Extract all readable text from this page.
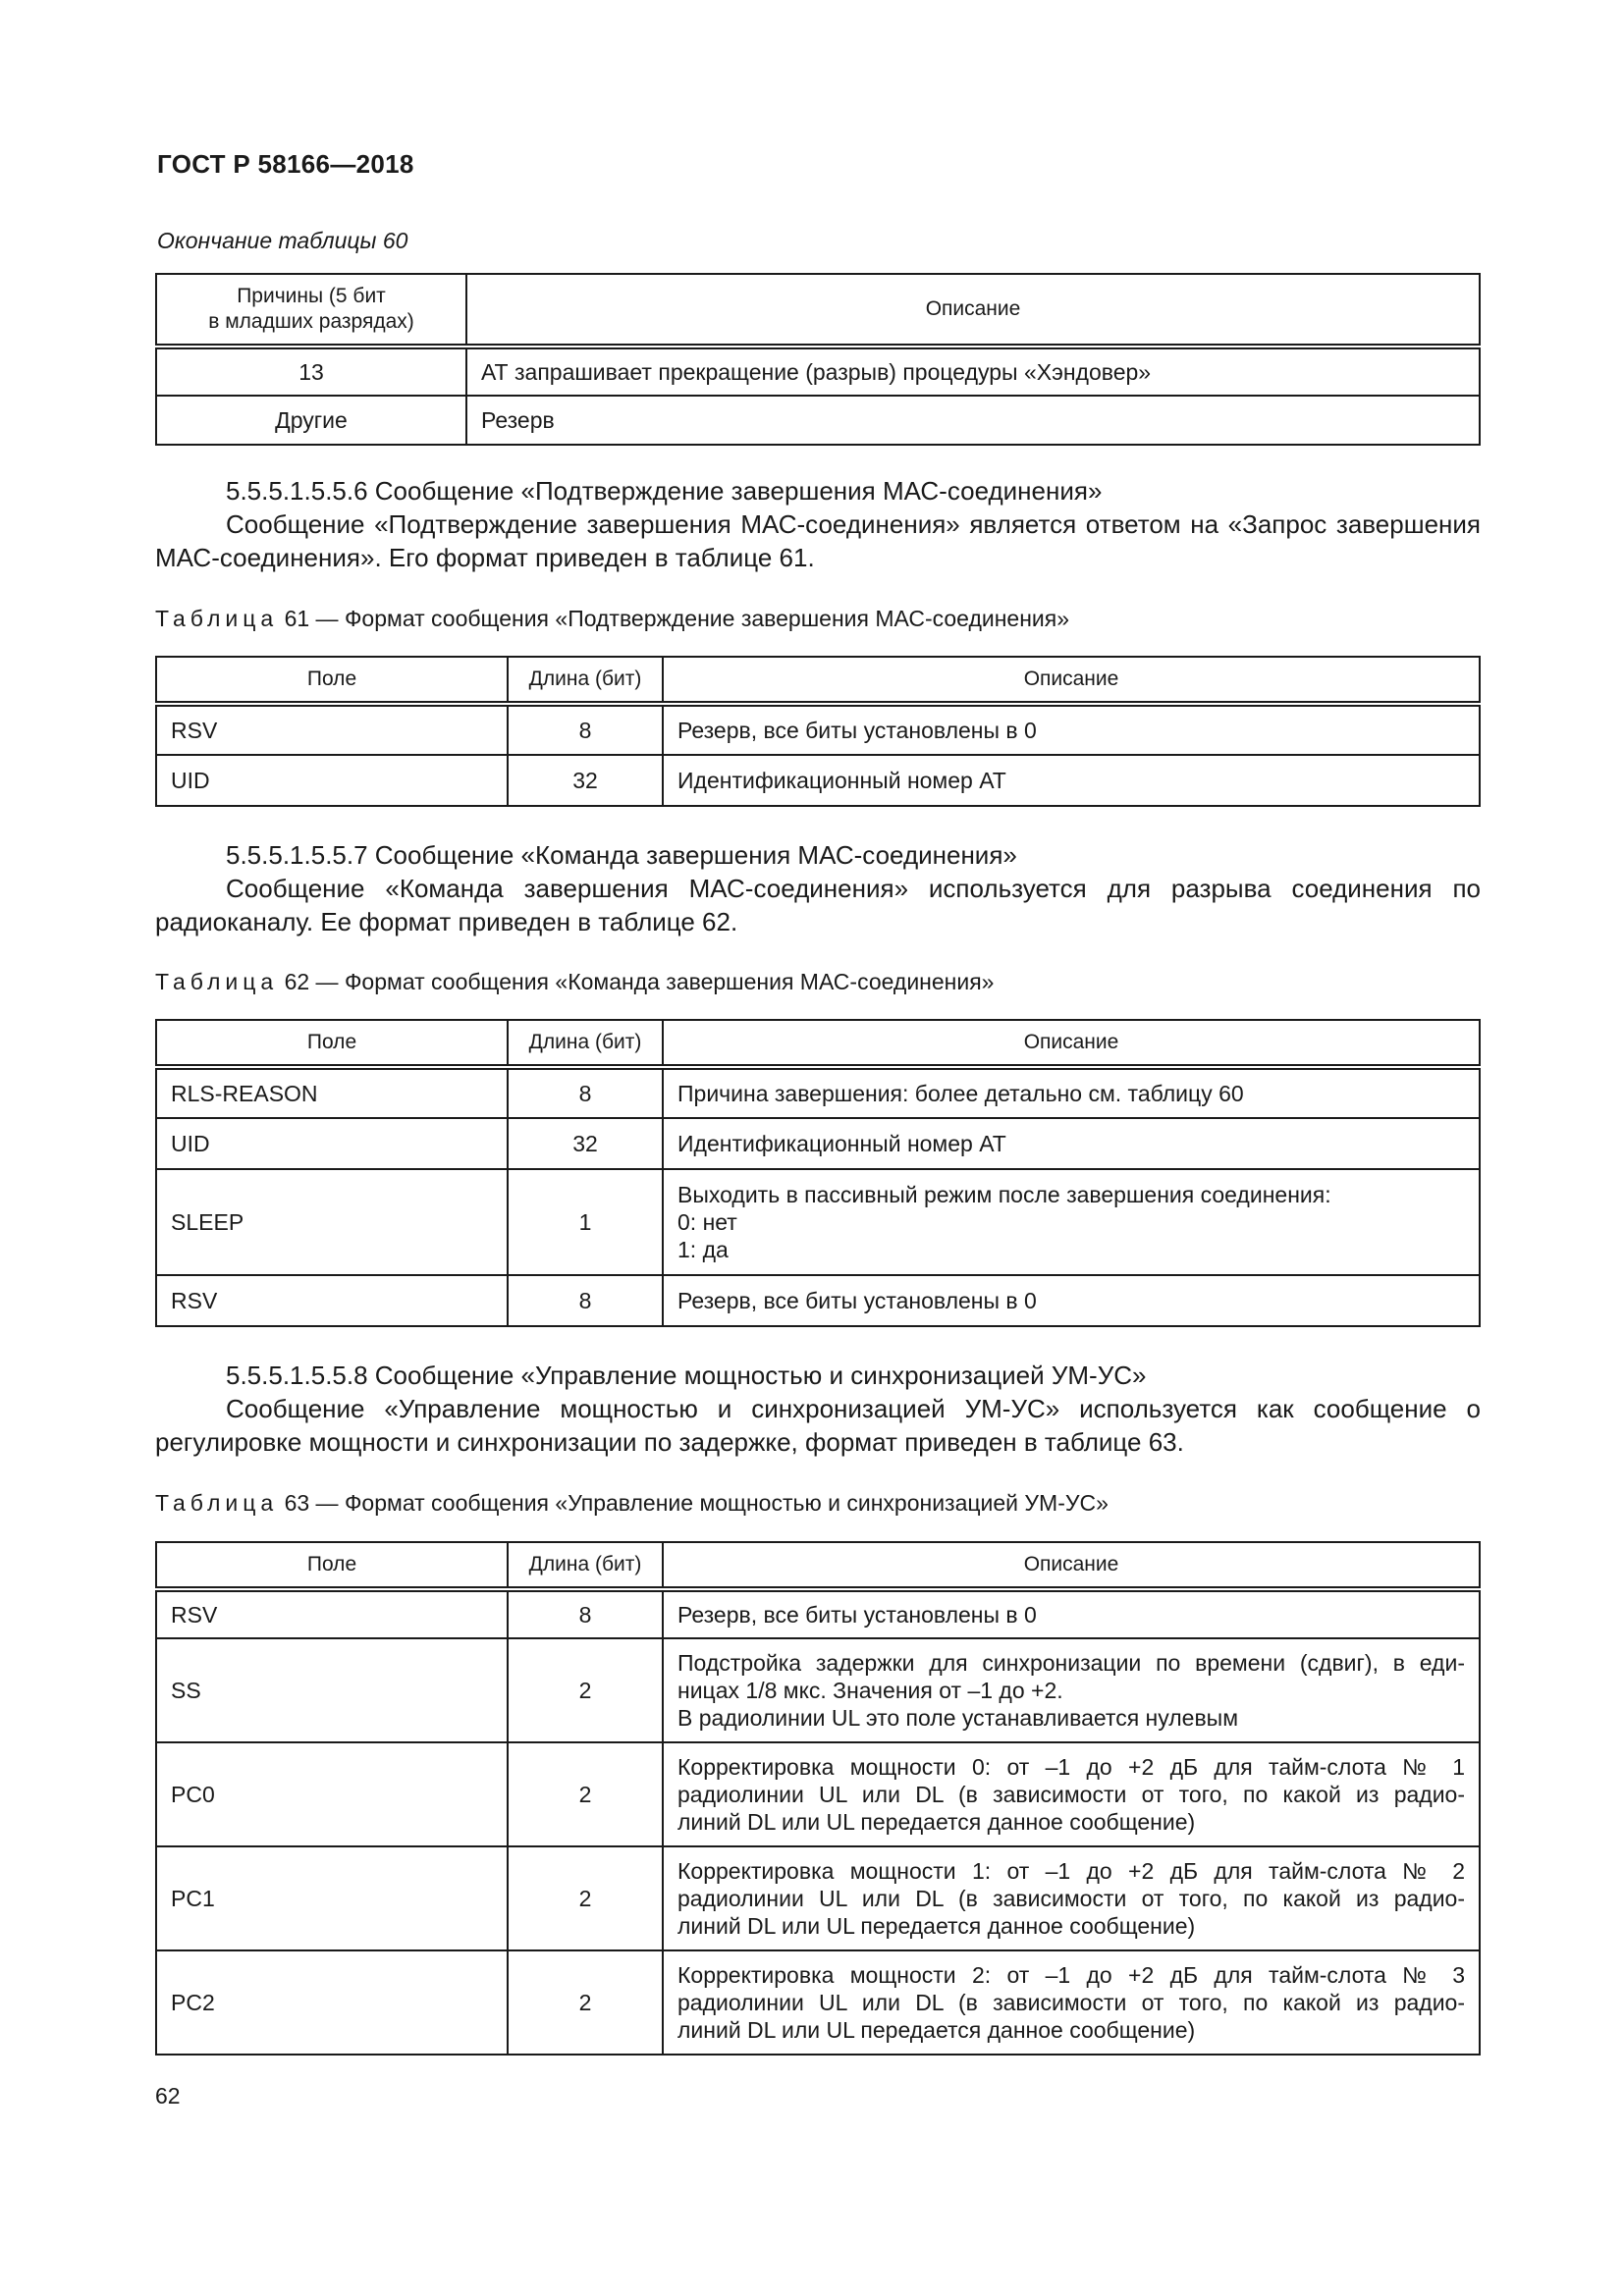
ГОСТ Р 58166—2018
Окончание таблицы 60
Причины (5 бит
в младших разрядах)	Описание
13	АТ запрашивает прекращение (разрыв) процедуры «Хэндовер»
Другие	Резерв

5.5.5.1.5.5.6 Сообщение «Подтверждение завершения МАС-соединения»

Сообщение «Подтверждение завершения МАС-соединения» является ответом на «Запрос завершения МАС-соединения». Его формат приведен в таблице 61.

Таблица 61 — Формат сообщения «Подтверждение завершения МАС-соединения»
Поле	Длина (бит)	Описание
RSV	8	Резерв, все биты установлены в 0
UID	32	Идентификационный номер АТ

5.5.5.1.5.5.7 Сообщение «Команда завершения МАС-соединения»

Сообщение «Команда завершения МАС-соединения» используется для разрыва соединения по радиоканалу. Ее формат приведен в таблице 62.

Таблица 62 — Формат сообщения «Команда завершения МАС-соединения»
Поле	Длина (бит)	Описание
RLS-REASON	8	Причина завершения: более детально см. таблицу 60
UID	32	Идентификационный номер АТ
SLEEP	1	Выходить в пассивный режим после завершения соединения:
0: нет
1: да

RSV	8	Резерв, все биты установлены в 0

5.5.5.1.5.5.8 Сообщение «Управление мощностью и синхронизацией УМ-УС»

Сообщение «Управление мощностью и синхронизацией УМ-УС» используется как сообщение о регулировке мощности и синхронизации по задержке, формат приведен в таблице 63.

Таблица 63 — Формат сообщения «Управление мощностью и синхронизацией УМ-УС»
Поле	Длина (бит)	Описание
RSV	8	Резерв, все биты установлены в 0
SS	2	Подстройка задержки для синхронизации по времени (сдвиг), в еди-
ницах 1/8 мкс. Значения от –1 до +2.
В радиолинии UL это поле устанавливается нулевым

PC0	2	Корректировка мощности 0: от –1 до +2 дБ для тайм-слота № 1
радиолинии UL или DL (в зависимости от того, по какой из радио-
линий DL или UL передается данное сообщение)

PC1	2	Корректировка мощности 1: от –1 до +2 дБ для тайм-слота № 2
радиолинии UL или DL (в зависимости от того, по какой из радио-
линий DL или UL передается данное сообщение)

PC2	2	Корректировка мощности 2: от –1 до +2 дБ для тайм-слота № 3
радиолинии UL или DL (в зависимости от того, по какой из радио-
линий DL или UL передается данное сообщение)
62
